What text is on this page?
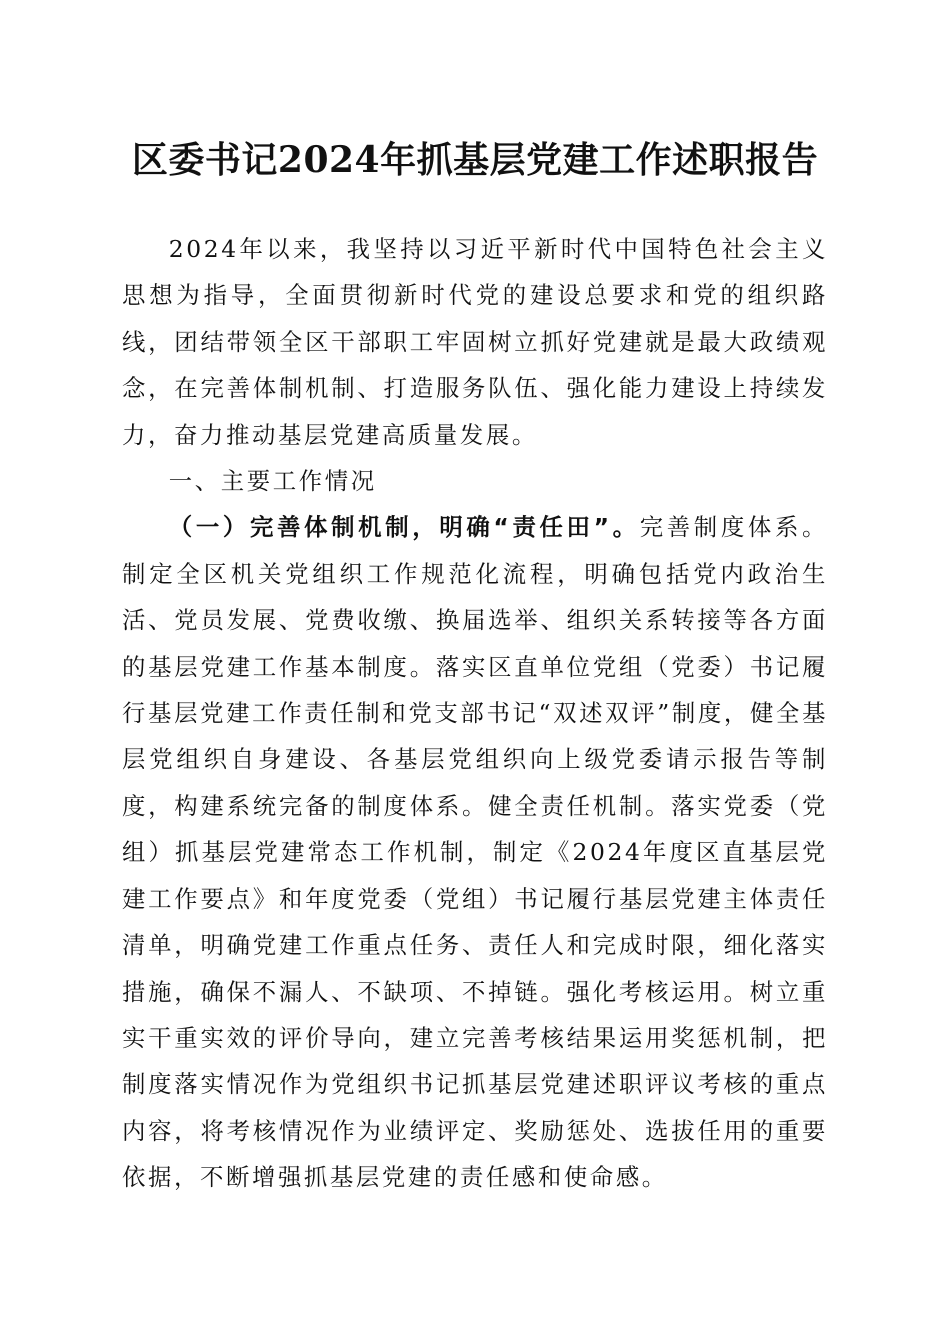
区委书记2024年抓基层党建工作述职报告

2024年以来，我坚持以习近平新时代中国特色社会主义思想为指导，全面贯彻新时代党的建设总要求和党的组织路线，团结带领全区干部职工牢固树立抓好党建就是最大政绩观念，在完善体制机制、打造服务队伍、强化能力建设上持续发力，奋力推动基层党建高质量发展。

一、主要工作情况

（一）完善体制机制，明确“责任田”。完善制度体系。制定全区机关党组织工作规范化流程，明确包括党内政治生活、党员发展、党费收缴、换届选举、组织关系转接等各方面的基层党建工作基本制度。落实区直单位党组（党委）书记履行基层党建工作责任制和党支部书记“双述双评”制度，健全基层党组织自身建设、各基层党组织向上级党委请示报告等制度，构建系统完备的制度体系。健全责任机制。落实党委（党组）抓基层党建常态工作机制，制定《2024年度区直基层党建工作要点》和年度党委（党组）书记履行基层党建主体责任清单，明确党建工作重点任务、责任人和完成时限，细化落实措施，确保不漏人、不缺项、不掉链。强化考核运用。树立重实干重实效的评价导向，建立完善考核结果运用奖惩机制，把制度落实情况作为党组织书记抓基层党建述职评议考核的重点内容，将考核情况作为业绩评定、奖励惩处、选拔任用的重要依据，不断增强抓基层党建的责任感和使命感。
